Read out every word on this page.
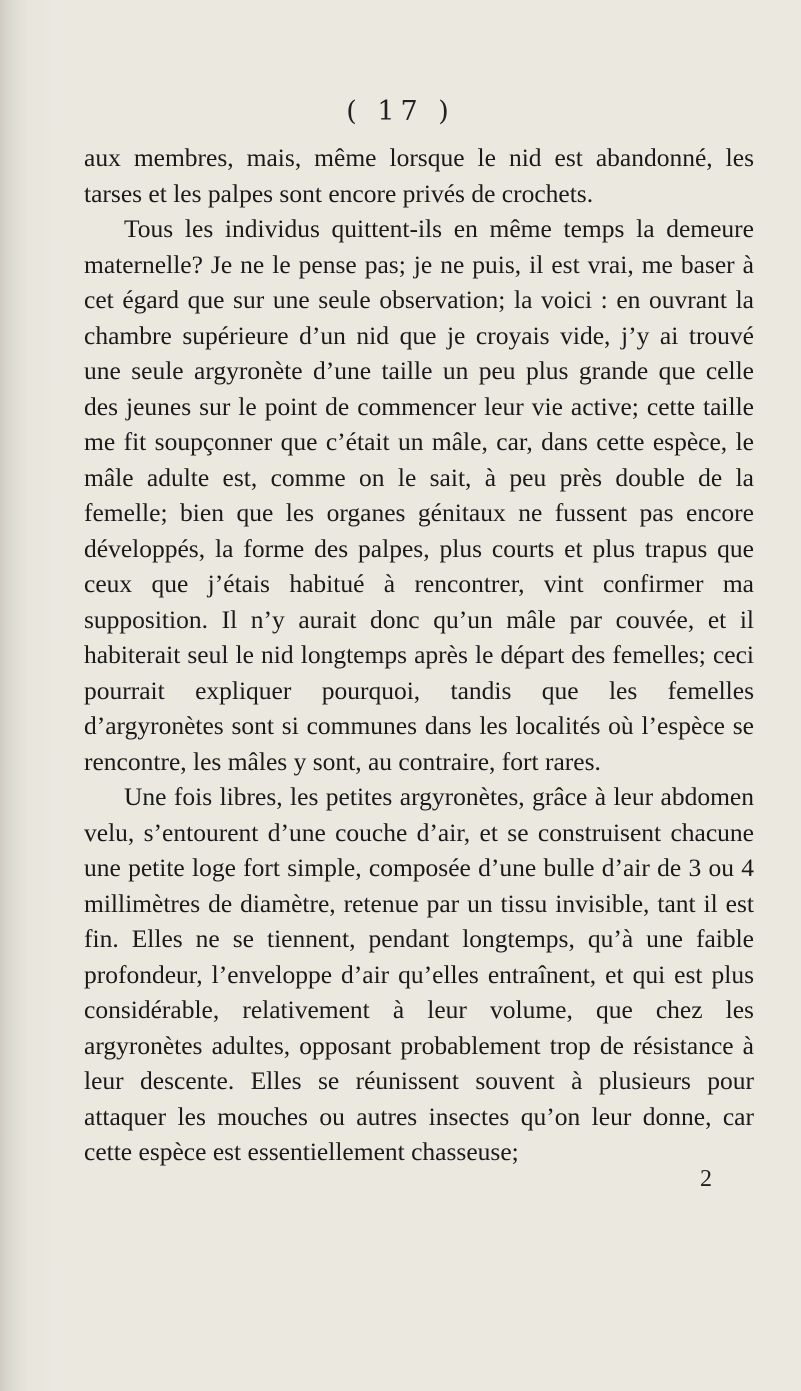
( 17 )

aux membres, mais, même lorsque le nid est abandonné, les tarses et les palpes sont encore privés de crochets.

Tous les individus quittent-ils en même temps la demeure maternelle? Je ne le pense pas; je ne puis, il est vrai, me baser à cet égard que sur une seule observation; la voici : en ouvrant la chambre supérieure d’un nid que je croyais vide, j’y ai trouvé une seule argyronète d’une taille un peu plus grande que celle des jeunes sur le point de commencer leur vie active; cette taille me fit soupçonner que c’était un mâle, car, dans cette espèce, le mâle adulte est, comme on le sait, à peu près double de la femelle; bien que les organes génitaux ne fussent pas encore développés, la forme des palpes, plus courts et plus trapus que ceux que j’étais habitué à rencontrer, vint confirmer ma supposition. Il n’y aurait donc qu’un mâle par couvée, et il habiterait seul le nid longtemps après le départ des femelles; ceci pourrait expliquer pourquoi, tandis que les femelles d’argyronètes sont si communes dans les localités où l’espèce se rencontre, les mâles y sont, au contraire, fort rares.

Une fois libres, les petites argyronètes, grâce à leur abdomen velu, s’entourent d’une couche d’air, et se construisent chacune une petite loge fort simple, composée d’une bulle d’air de 3 ou 4 millimètres de diamètre, retenue par un tissu invisible, tant il est fin. Elles ne se tiennent, pendant longtemps, qu’à une faible profondeur, l’enveloppe d’air qu’elles entraînent, et qui est plus considérable, relativement à leur volume, que chez les argyronètes adultes, opposant probablement trop de résistance à leur descente. Elles se réunissent souvent à plusieurs pour attaquer les mouches ou autres insectes qu’on leur donne, car cette espèce est essentiellement chasseuse;

2
